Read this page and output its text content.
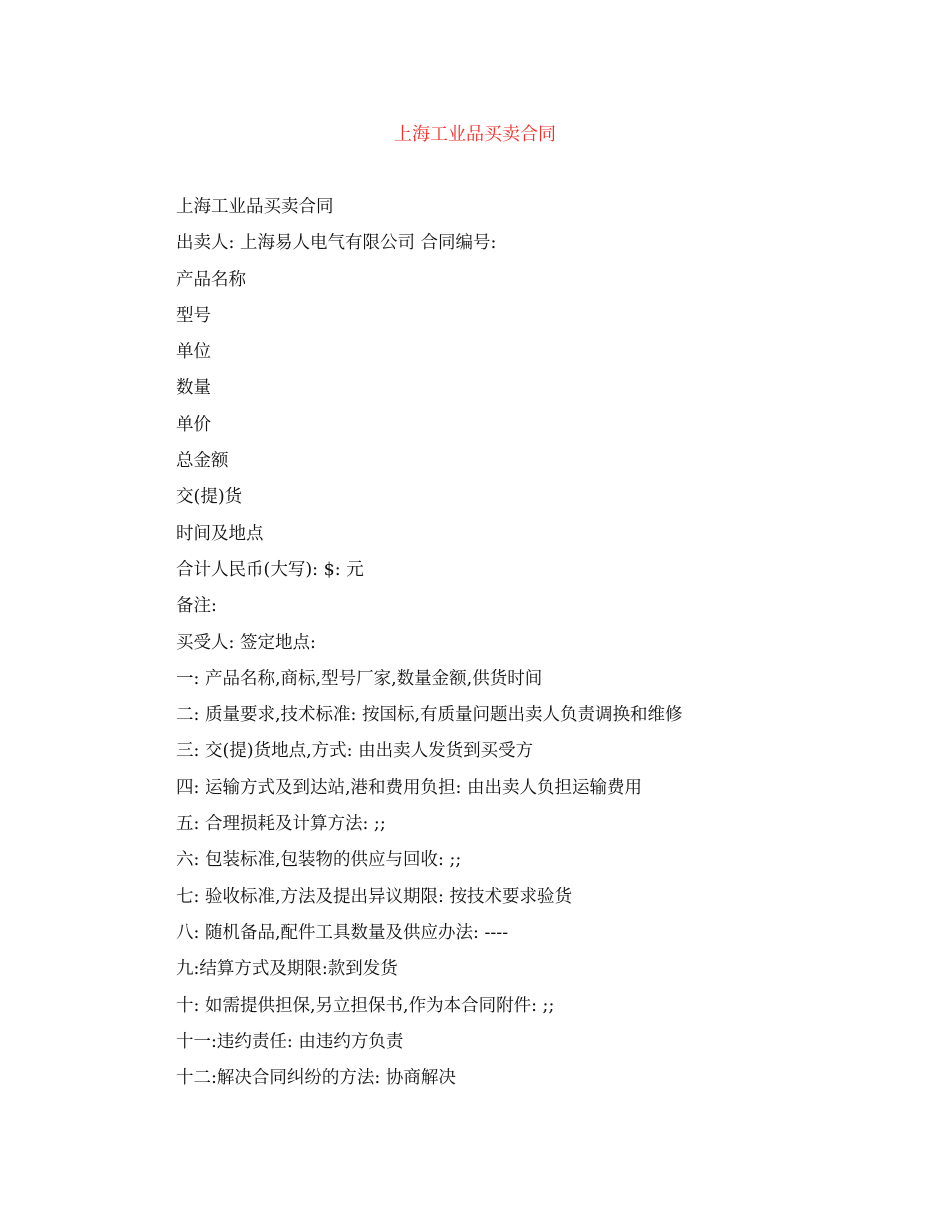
上海工业品买卖合同
上海工业品买卖合同
出卖人: 上海易人电气有限公司 合同编号:
产品名称
型号
单位
数量
单价
总金额
交(提)货
时间及地点
合计人民币(大写): $: 元
备注:
买受人: 签定地点:
一: 产品名称,商标,型号厂家,数量金额,供货时间
二: 质量要求,技术标准: 按国标,有质量问题出卖人负责调换和维修
三: 交(提)货地点,方式: 由出卖人发货到买受方
四: 运输方式及到达站,港和费用负担: 由出卖人负担运输费用
五: 合理损耗及计算方法: ;;
六: 包装标准,包装物的供应与回收: ;;
七: 验收标准,方法及提出异议期限: 按技术要求验货
八: 随机备品,配件工具数量及供应办法: ----
九:结算方式及期限:款到发货
十: 如需提供担保,另立担保书,作为本合同附件: ;;
十一:违约责任: 由违约方负责
十二:解决合同纠纷的方法: 协商解决
